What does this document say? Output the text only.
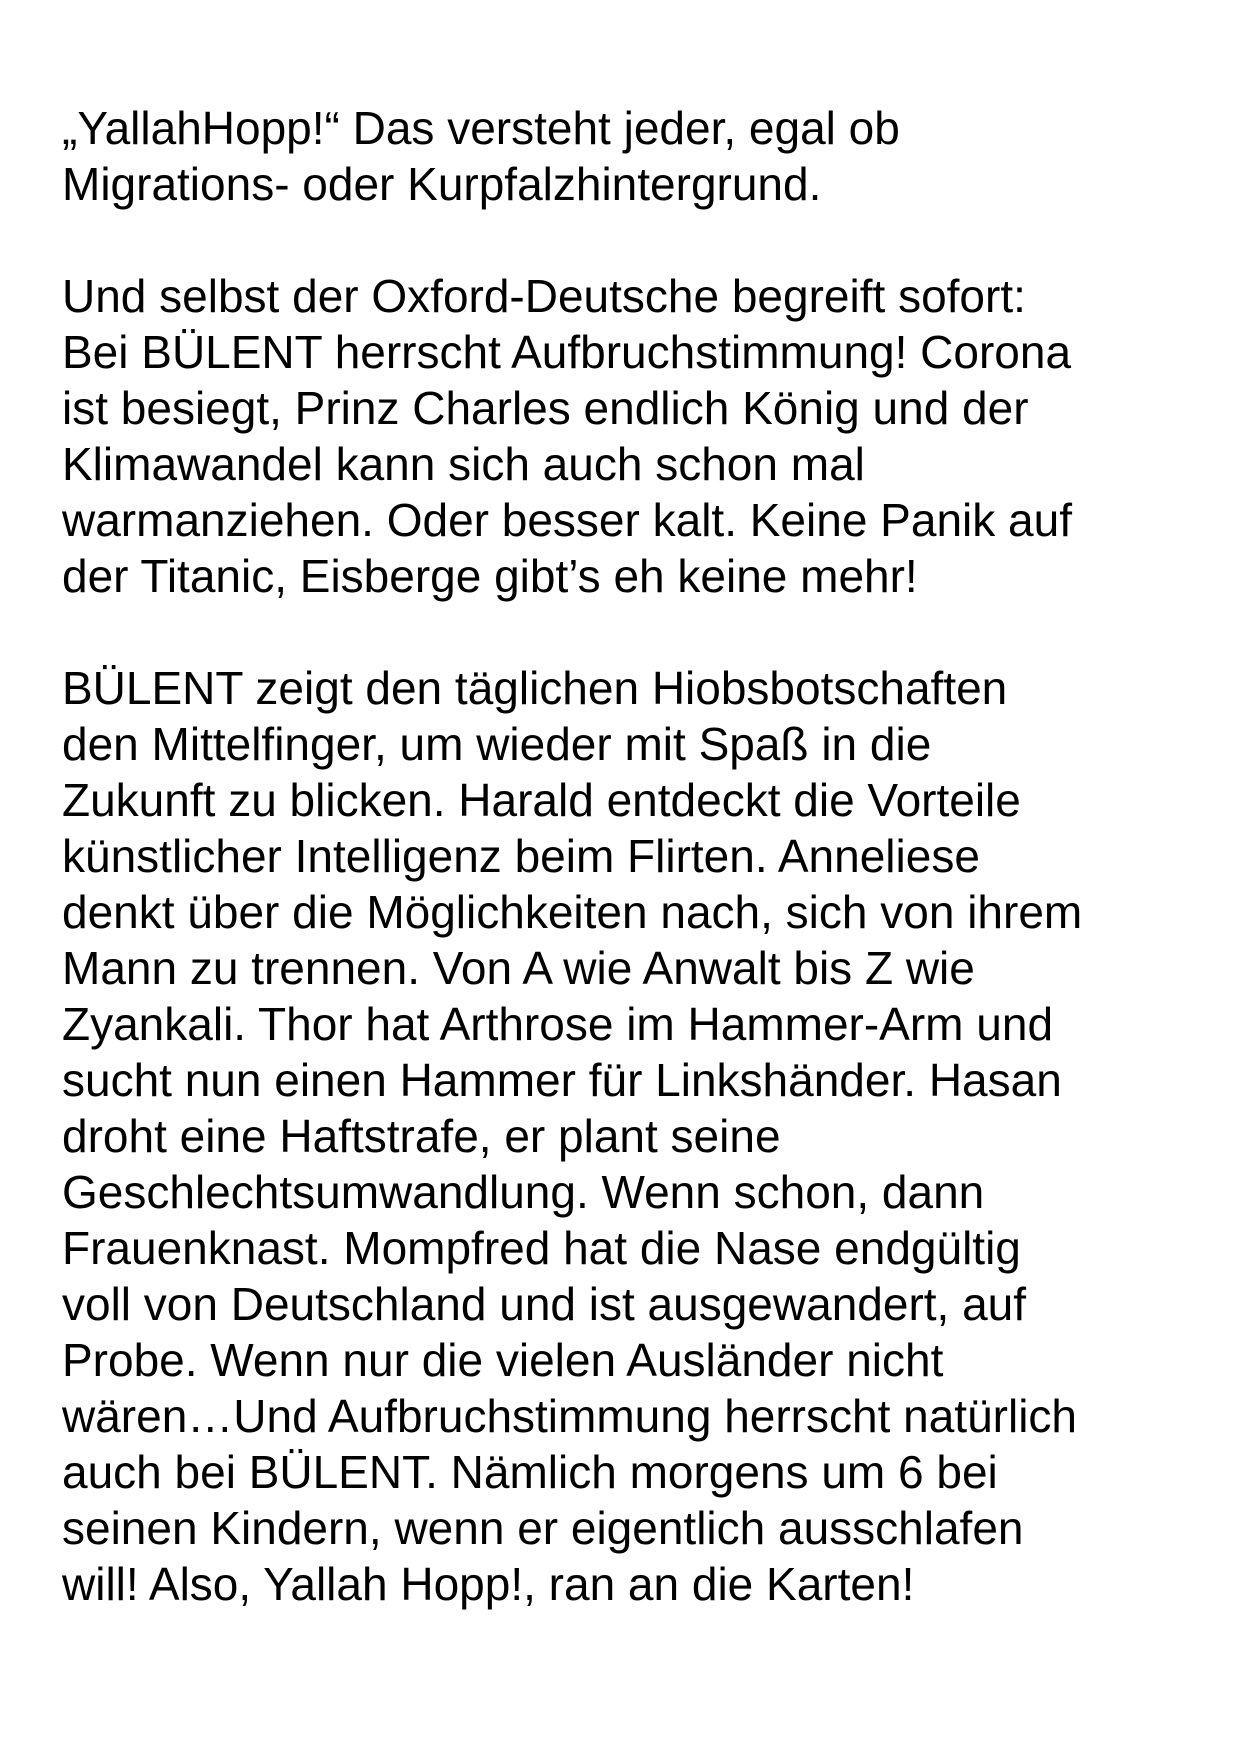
„YallahHopp!“ Das versteht jeder, egal ob
Migrations- oder Kurpfalzhintergrund.

Und selbst der Oxford-Deutsche begreift sofort:
Bei BÜLENT herrscht Aufbruchstimmung! Corona
ist besiegt, Prinz Charles endlich König und der
Klimawandel kann sich auch schon mal
warmanziehen. Oder besser kalt. Keine Panik auf
der Titanic, Eisberge gibt’s eh keine mehr!

BÜLENT zeigt den täglichen Hiobsbotschaften
den Mittelfinger, um wieder mit Spaß in die
Zukunft zu blicken. Harald entdeckt die Vorteile
künstlicher Intelligenz beim Flirten. Anneliese
denkt über die Möglichkeiten nach, sich von ihrem
Mann zu trennen. Von A wie Anwalt bis Z wie
Zyankali. Thor hat Arthrose im Hammer-Arm und
sucht nun einen Hammer für Linkshänder. Hasan
droht eine Haftstrafe, er plant seine
Geschlechtsumwandlung. Wenn schon, dann
Frauenknast. Mompfred hat die Nase endgültig
voll von Deutschland und ist ausgewandert, auf
Probe. Wenn nur die vielen Ausländer nicht
wären…Und Aufbruchstimmung herrscht natürlich
auch bei BÜLENT. Nämlich morgens um 6 bei
seinen Kindern, wenn er eigentlich ausschlafen
will! Also, Yallah Hopp!, ran an die Karten!
